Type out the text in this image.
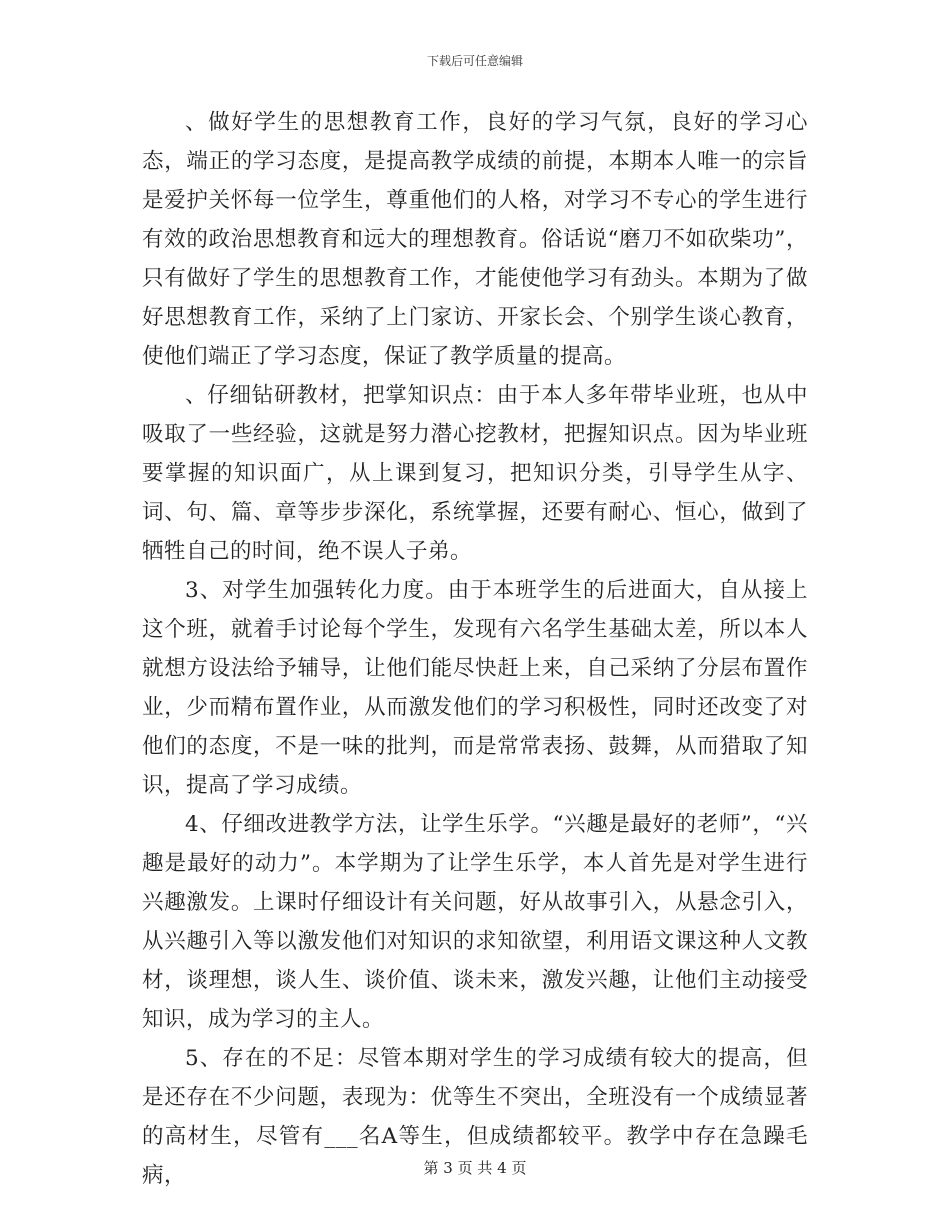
下载后可任意编辑

、做好学生的思想教育工作，良好的学习气氛，良好的学习心态，端正的学习态度，是提高教学成绩的前提，本期本人唯一的宗旨是爱护关怀每一位学生，尊重他们的人格，对学习不专心的学生进行有效的政治思想教育和远大的理想教育。俗话说“磨刀不如砍柴功”，只有做好了学生的思想教育工作，才能使他学习有劲头。本期为了做好思想教育工作，采纳了上门家访、开家长会、个别学生谈心教育，使他们端正了学习态度，保证了教学质量的提高。

、仔细钻研教材，把掌知识点：由于本人多年带毕业班，也从中吸取了一些经验，这就是努力潜心挖教材，把握知识点。因为毕业班要掌握的知识面广，从上课到复习，把知识分类，引导学生从字、词、句、篇、章等步步深化，系统掌握，还要有耐心、恒心，做到了牺牲自己的时间，绝不误人子弟。

3、对学生加强转化力度。由于本班学生的后进面大，自从接上这个班，就着手讨论每个学生，发现有六名学生基础太差，所以本人就想方设法给予辅导，让他们能尽快赶上来，自己采纳了分层布置作业，少而精布置作业，从而激发他们的学习积极性，同时还改变了对他们的态度，不是一味的批判，而是常常表扬、鼓舞，从而猎取了知识，提高了学习成绩。

4、仔细改进教学方法，让学生乐学。“兴趣是最好的老师”，“兴趣是最好的动力”。本学期为了让学生乐学，本人首先是对学生进行兴趣激发。上课时仔细设计有关问题，好从故事引入，从悬念引入，从兴趣引入等以激发他们对知识的求知欲望，利用语文课这种人文教材，谈理想，谈人生、谈价值、谈未来，激发兴趣，让他们主动接受知识，成为学习的主人。

5、存在的不足：尽管本期对学生的学习成绩有较大的提高，但是还存在不少问题，表现为：优等生不突出，全班没有一个成绩显著的高材生，尽管有___名A等生，但成绩都较平。教学中存在急躁毛病，	第 3 页 共 4 页
